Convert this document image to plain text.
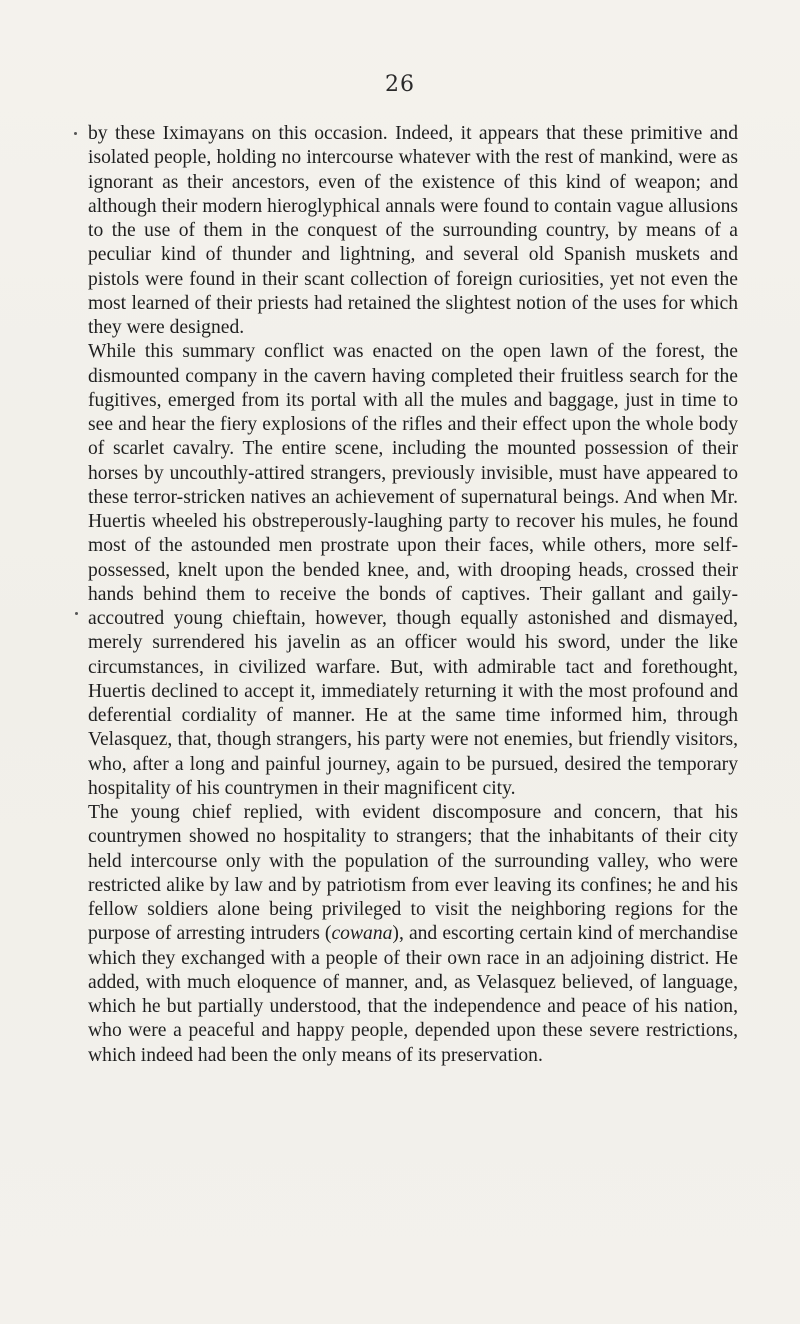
26

by these Iximayans on this occasion. Indeed, it appears that these primitive and isolated people, holding no intercourse whatever with the rest of mankind, were as ignorant as their ancestors, even of the existence of this kind of weapon; and although their modern hieroglyphical annals were found to contain vague allusions to the use of them in the conquest of the surrounding country, by means of a peculiar kind of thunder and lightning, and several old Spanish muskets and pistols were found in their scant collection of foreign curiosities, yet not even the most learned of their priests had retained the slightest notion of the uses for which they were designed.

While this summary conflict was enacted on the open lawn of the forest, the dismounted company in the cavern having completed their fruitless search for the fugitives, emerged from its portal with all the mules and baggage, just in time to see and hear the fiery explosions of the rifles and their effect upon the whole body of scarlet cavalry. The entire scene, including the mounted possession of their horses by uncouthly-attired strangers, previously invisible, must have appeared to these terror-stricken natives an achievement of supernatural beings. And when Mr. Huertis wheeled his obstreperously-laughing party to recover his mules, he found most of the astounded men prostrate upon their faces, while others, more self-possessed, knelt upon the bended knee, and, with drooping heads, crossed their hands behind them to receive the bonds of captives. Their gallant and gaily-accoutred young chieftain, however, though equally astonished and dismayed, merely surrendered his javelin as an officer would his sword, under the like circumstances, in civilized warfare. But, with admirable tact and forethought, Huertis declined to accept it, immediately returning it with the most profound and deferential cordiality of manner. He at the same time informed him, through Velasquez, that, though strangers, his party were not enemies, but friendly visitors, who, after a long and painful journey, again to be pursued, desired the temporary hospitality of his countrymen in their magnificent city.

The young chief replied, with evident discomposure and concern, that his countrymen showed no hospitality to strangers; that the inhabitants of their city held intercourse only with the population of the surrounding valley, who were restricted alike by law and by patriotism from ever leaving its confines; he and his fellow soldiers alone being privileged to visit the neighboring regions for the purpose of arresting intruders (cowana), and escorting certain kind of merchandise which they exchanged with a people of their own race in an adjoining district. He added, with much eloquence of manner, and, as Velasquez believed, of language, which he but partially understood, that the independence and peace of his nation, who were a peaceful and happy people, depended upon these severe restrictions, which indeed had been the only means of its preservation.
